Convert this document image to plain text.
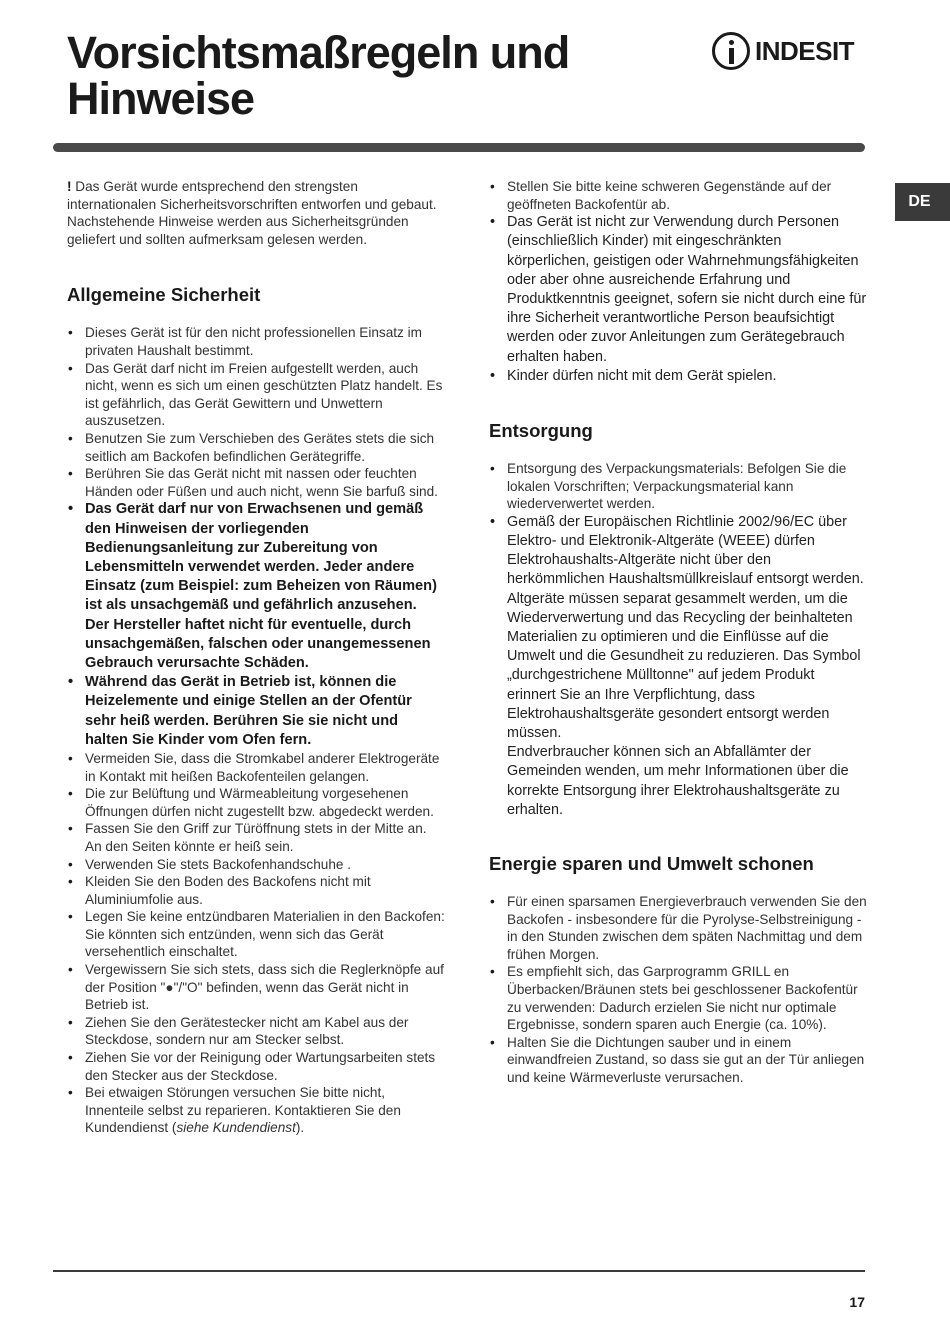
Vorsichtsmaßregeln und
Hinweise
INDESIT
DE

! Das Gerät wurde entsprechend den strengsten internationalen Sicherheitsvorschriften entworfen und gebaut. Nachstehende Hinweise werden aus Sicherheitsgründen geliefert und sollten aufmerksam gelesen werden.

Allgemeine Sicherheit
• Dieses Gerät ist für den nicht professionellen Einsatz im privaten Haushalt bestimmt.
• Das Gerät darf nicht im Freien aufgestellt werden, auch nicht, wenn es sich um einen geschützten Platz handelt. Es ist gefährlich, das Gerät Gewittern und Unwettern auszusetzen.
• Benutzen Sie zum Verschieben des Gerätes stets die sich seitlich am Backofen befindlichen Gerätegriffe.
• Berühren Sie das Gerät nicht mit nassen oder feuchten Händen oder Füßen und auch nicht, wenn Sie barfuß sind.
• Das Gerät darf nur von Erwachsenen und gemäß den Hinweisen der vorliegenden Bedienungsanleitung zur Zubereitung von Lebensmitteln verwendet werden. Jeder andere Einsatz (zum Beispiel: zum Beheizen von Räumen) ist als unsachgemäß und gefährlich anzusehen. Der Hersteller haftet nicht für eventuelle, durch unsachgemäßen, falschen oder unangemessenen Gebrauch verursachte Schäden.
• Während das Gerät in Betrieb ist, können die Heizelemente und einige Stellen an der Ofentür sehr heiß werden. Berühren Sie sie nicht und halten Sie Kinder vom Ofen fern.
• Vermeiden Sie, dass die Stromkabel anderer Elektrogeräte in Kontakt mit heißen Backofenteilen gelangen.
• Die zur Belüftung und Wärmeableitung vorgesehenen Öffnungen dürfen nicht zugestellt bzw. abgedeckt werden.
• Fassen Sie den Griff zur Türöffnung stets in der Mitte an. An den Seiten könnte er heiß sein.
• Verwenden Sie stets Backofenhandschuhe .
• Kleiden Sie den Boden des Backofens nicht mit Aluminiumfolie aus.
• Legen Sie keine entzündbaren Materialien in den Backofen: Sie könnten sich entzünden, wenn sich das Gerät versehentlich einschaltet.
• Vergewissern Sie sich stets, dass sich die Reglerknöpfe auf der Position "●"/"O" befinden, wenn das Gerät nicht in Betrieb ist.
• Ziehen Sie den Gerätestecker nicht am Kabel aus der Steckdose, sondern nur am Stecker selbst.
• Ziehen Sie vor der Reinigung oder Wartungsarbeiten stets den Stecker aus der Steckdose.
• Bei etwaigen Störungen versuchen Sie bitte nicht, Innenteile selbst zu reparieren. Kontaktieren Sie den Kundendienst (siehe Kundendienst).
• Stellen Sie bitte keine schweren Gegenstände auf der geöffneten Backofentür ab.
• Das Gerät ist nicht zur Verwendung durch Personen (einschließlich Kinder) mit eingeschränkten körperlichen, geistigen oder Wahrnehmungsfähigkeiten oder aber ohne ausreichende Erfahrung und Produktkenntnis geeignet, sofern sie nicht durch eine für ihre Sicherheit verantwortliche Person beaufsichtigt werden oder zuvor Anleitungen zum Gerätegebrauch erhalten haben.
• Kinder dürfen nicht mit dem Gerät spielen.
Entsorgung
• Entsorgung des Verpackungsmaterials: Befolgen Sie die lokalen Vorschriften; Verpackungsmaterial kann wiederverwertet werden.
• Gemäß der Europäischen Richtlinie 2002/96/EC über Elektro- und Elektronik-Altgeräte (WEEE) dürfen Elektrohaushalts-Altgeräte nicht über den herkömmlichen Haushaltsmüllkreislauf entsorgt werden. Altgeräte müssen separat gesammelt werden, um die Wiederverwertung und das Recycling der beinhalteten Materialien zu optimieren und die Einflüsse auf die Umwelt und die Gesundheit zu reduzieren. Das Symbol „durchgestrichene Mülltonne" auf jedem Produkt erinnert Sie an Ihre Verpflichtung, dass Elektrohaushaltsgeräte gesondert entsorgt werden müssen.

Endverbraucher können sich an Abfallämter der Gemeinden wenden, um mehr Informationen über die korrekte Entsorgung ihrer Elektrohaushaltsgeräte zu erhalten.

Energie sparen und Umwelt schonen
• Für einen sparsamen Energieverbrauch verwenden Sie den Backofen - insbesondere für die Pyrolyse-Selbstreinigung - in den Stunden zwischen dem späten Nachmittag und dem frühen Morgen.
• Es empfiehlt sich, das Garprogramm GRILL en Überbacken/Bräunen stets bei geschlossener Backofentür zu verwenden: Dadurch erzielen Sie nicht nur optimale Ergebnisse, sondern sparen auch Energie (ca. 10%).
• Halten Sie die Dichtungen sauber und in einem einwandfreien Zustand, so dass sie gut an der Tür anliegen und keine Wärmeverluste verursachen.
17
